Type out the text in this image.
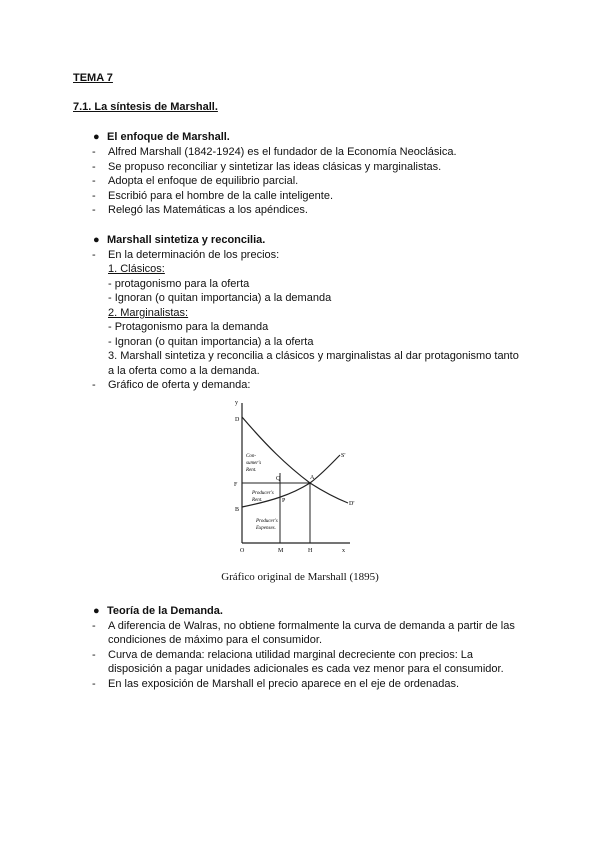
TEMA 7
7.1. La síntesis de Marshall.
● El enfoque de Marshall.
- Alfred Marshall (1842-1924) es el fundador de la Economía Neoclásica.
- Se propuso reconciliar y sintetizar las ideas clásicas y marginalistas.
- Adopta el enfoque de equilibrio parcial.
- Escribió para el hombre de la calle inteligente.
- Relegó las Matemáticas a los apéndices.
● Marshall sintetiza y reconcilia.
- En la determinación de los precios:
1. Clásicos:
- protagonismo para la oferta
- Ignoran (o quitan importancia) a la demanda
2. Marginalistas:
- Protagonismo para la demanda
- Ignoran (o quitan importancia) a la oferta
3. Marshall sintetiza y reconcilia a clásicos y marginalistas al dar protagonismo tanto
a la oferta como a la demanda.
- Gráfico de oferta y demanda:
y
D
S'
A
Q
F
P
B
D'
O	M	H	x
Con-
sumer's
Rent.
Producer's
Rent.
Producer's
Expenses.
Gráfico original de Marshall (1895)
● Teoría de la Demanda.
- A diferencia de Walras, no obtiene formalmente la curva de demanda a partir de las
condiciones de máximo para el consumidor.
- Curva de demanda: relaciona utilidad marginal decreciente con precios: La
disposición a pagar unidades adicionales es cada vez menor para el consumidor.
- En las exposición de Marshall el precio aparece en el eje de ordenadas.
